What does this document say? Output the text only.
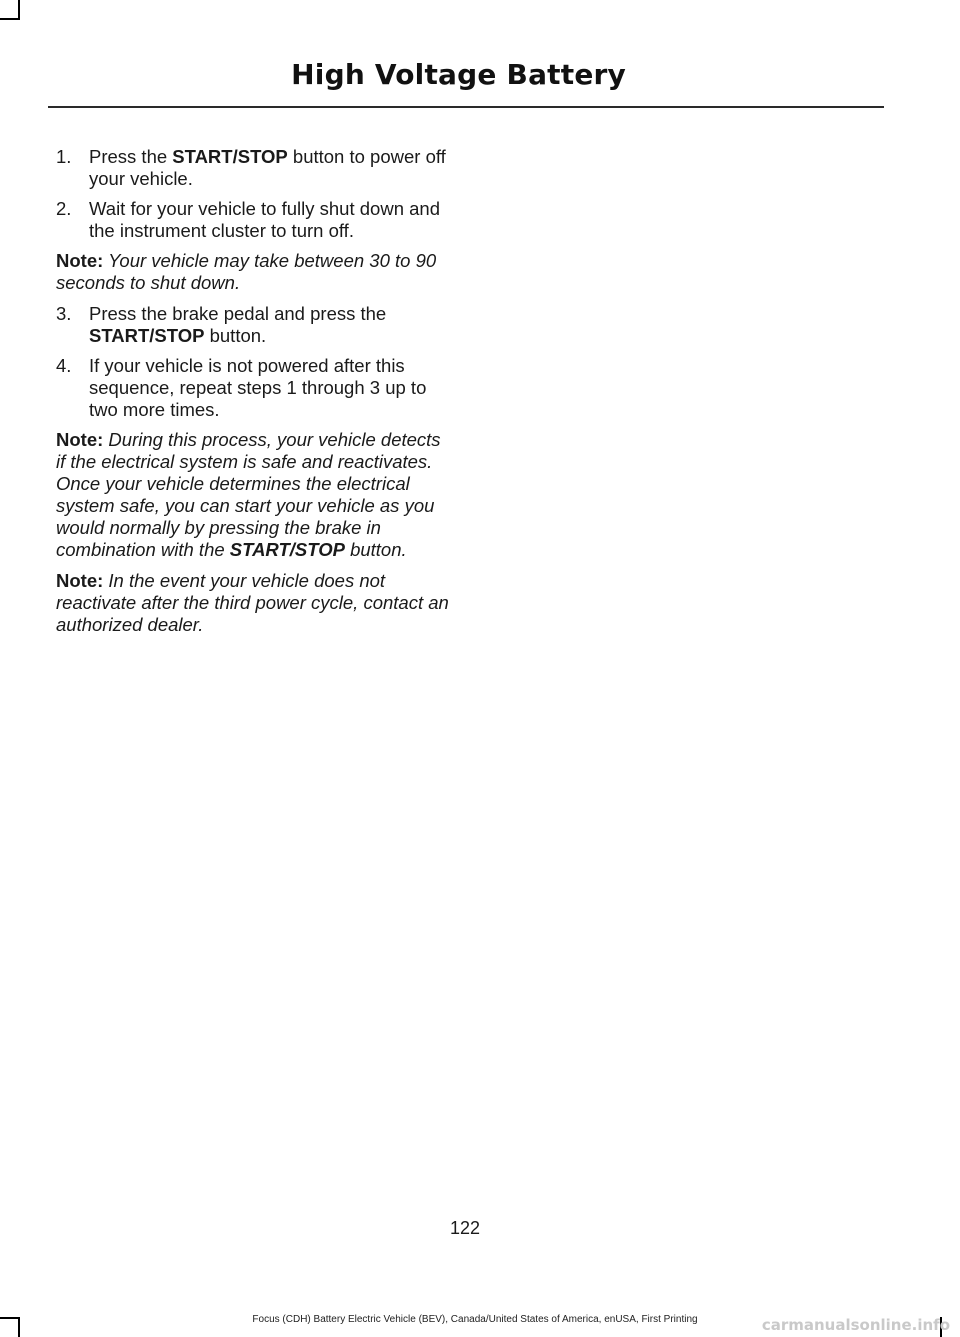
High Voltage Battery
1. Press the START/STOP button to power off your vehicle.
2. Wait for your vehicle to fully shut down and the instrument cluster to turn off.

Note: Your vehicle may take between 30 to 90 seconds to shut down.

3. Press the brake pedal and press the START/STOP button.
4. If your vehicle is not powered after this sequence, repeat steps 1 through 3 up to two more times.

Note: During this process, your vehicle detects if the electrical system is safe and reactivates. Once your vehicle determines the electrical system safe, you can start your vehicle as you would normally by pressing the brake in combination with the START/STOP button.

Note: In the event your vehicle does not reactivate after the third power cycle, contact an authorized dealer.

122
Focus (CDH) Battery Electric Vehicle (BEV), Canada/United States of America, enUSA, First Printing	carmanualsonline.info
